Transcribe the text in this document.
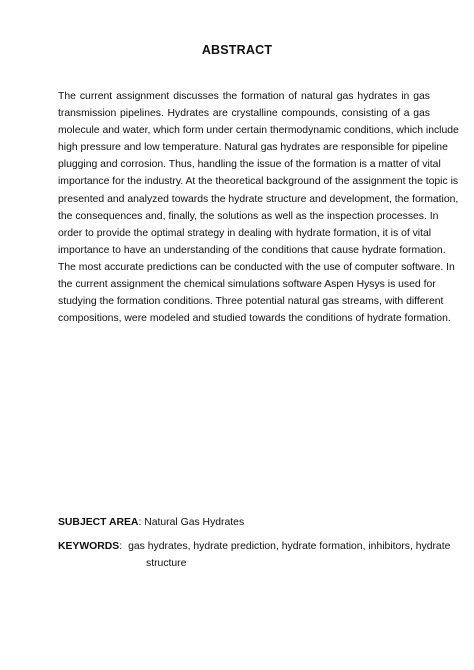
ABSTRACT
The current assignment discusses the formation of natural gas hydrates in gas
transmission pipelines. Hydrates are crystalline compounds, consisting of a gas
molecule and water, which form under certain thermodynamic conditions, which include
high pressure and low temperature. Natural gas hydrates are responsible for pipeline
plugging and corrosion. Thus, handling the issue of the formation is a matter of vital
importance for the industry. At the theoretical background of the assignment the topic is
presented and analyzed towards the hydrate structure and development, the formation,
the consequences and, finally, the solutions as well as the inspection processes. In
order to provide the optimal strategy in dealing with hydrate formation, it is of vital
importance to have an understanding of the conditions that cause hydrate formation.
The most accurate predictions can be conducted with the use of computer software. In
the current assignment the chemical simulations software Aspen Hysys is used for
studying the formation conditions. Three potential natural gas streams, with different
compositions, were modeled and studied towards the conditions of hydrate formation.
SUBJECT AREA: Natural Gas Hydrates
KEYWORDS: gas hydrates, hydrate prediction, hydrate formation, inhibitors, hydrate
structure
